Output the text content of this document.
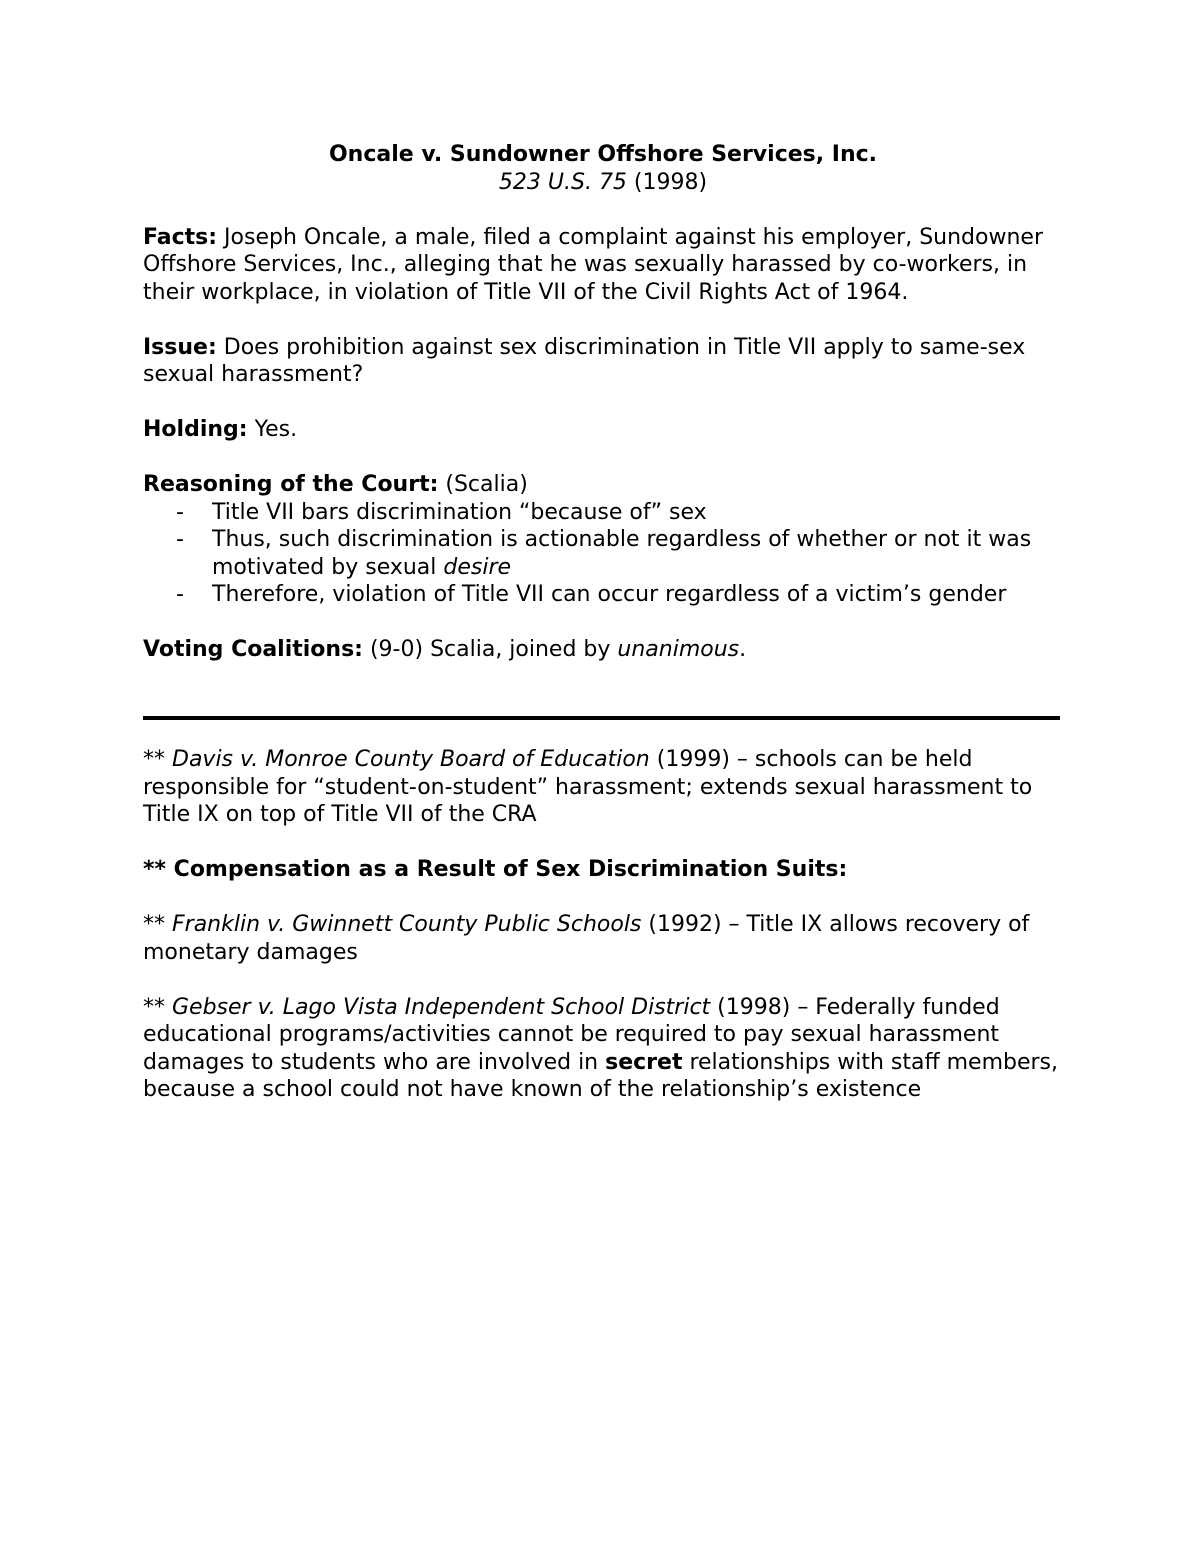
Oncale v. Sundowner Offshore Services, Inc.
523 U.S. 75 (1998)
Facts: Joseph Oncale, a male, filed a complaint against his employer, Sundowner Offshore Services, Inc., alleging that he was sexually harassed by co-workers, in their workplace, in violation of Title VII of the Civil Rights Act of 1964.
Issue: Does prohibition against sex discrimination in Title VII apply to same-sex sexual harassment?
Holding: Yes.
Reasoning of the Court: (Scalia)
- Title VII bars discrimination “because of” sex
- Thus, such discrimination is actionable regardless of whether or not it was motivated by sexual desire
- Therefore, violation of Title VII can occur regardless of a victim’s gender
Voting Coalitions: (9-0) Scalia, joined by unanimous.
** Davis v. Monroe County Board of Education (1999) – schools can be held responsible for “student-on-student” harassment; extends sexual harassment to Title IX on top of Title VII of the CRA
** Compensation as a Result of Sex Discrimination Suits:
** Franklin v. Gwinnett County Public Schools (1992) – Title IX allows recovery of monetary damages
** Gebser v. Lago Vista Independent School District (1998) – Federally funded educational programs/activities cannot be required to pay sexual harassment damages to students who are involved in secret relationships with staff members, because a school could not have known of the relationship’s existence
